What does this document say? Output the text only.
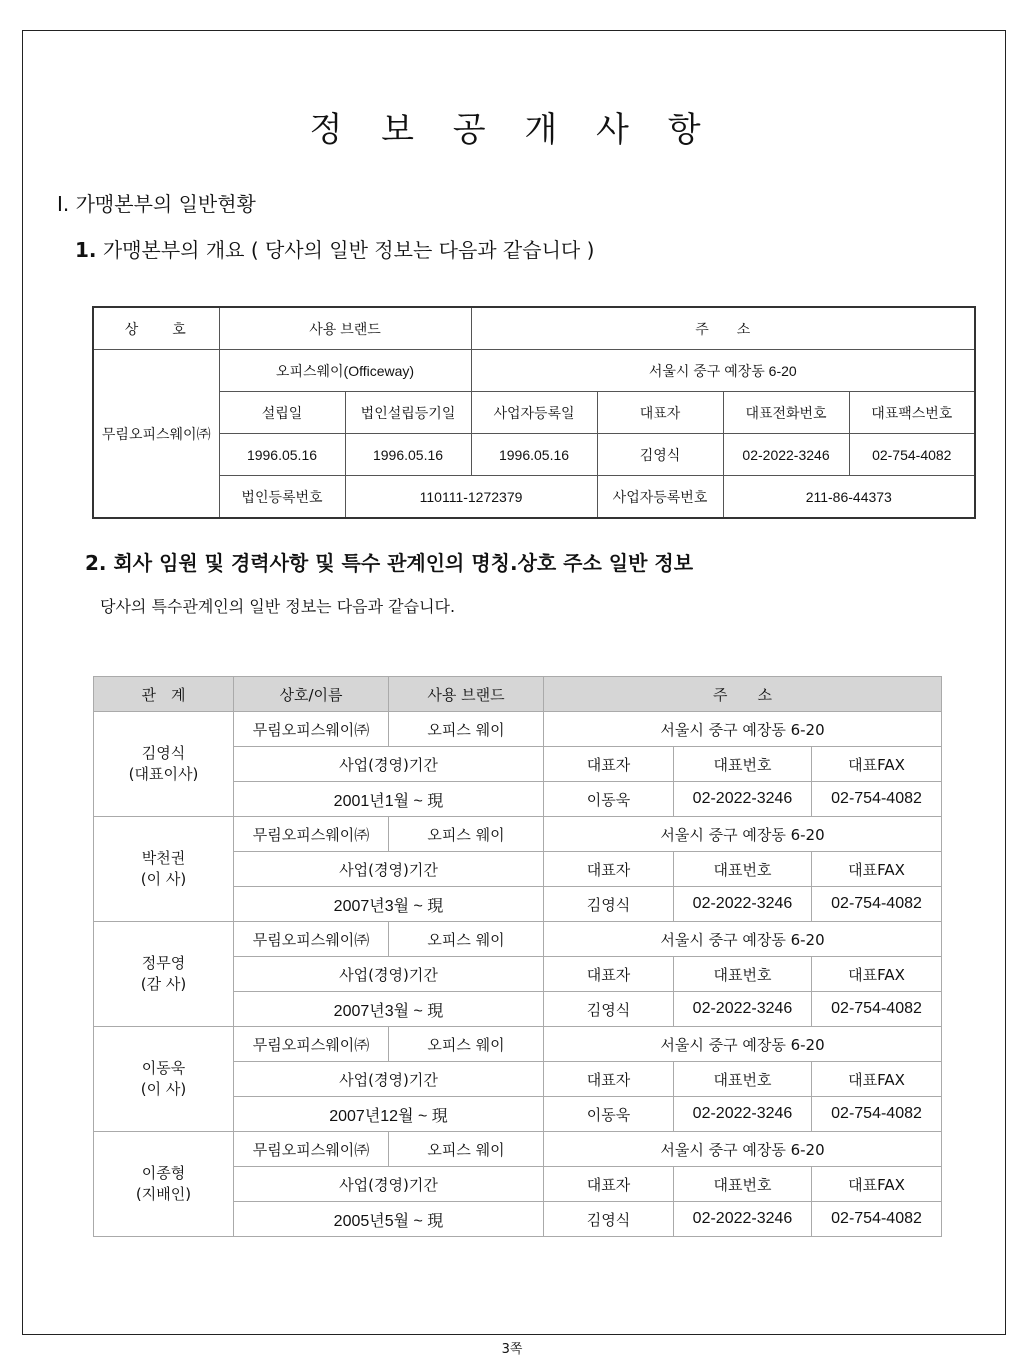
정 보 공 개 사 항
Ⅰ. 가맹본부의 일반현황
1. 가맹본부의 개요 ( 당사의 일반 정보는 다음과 같습니다 )
상　　호	사용 브랜드		주　　소			
무림오피스웨이㈜	오피스웨이(Officeway)		서울시 중구 예장동 6-20			
	설립일	법인설립등기일	사업자등록일	대표자	대표전화번호	대표팩스번호
	1996.05.16	1996.05.16	1996.05.16	김영식	02-2022-3246	02-754-4082
	법인등록번호	110111-1272379		사업자등록번호	211-86-44373	
2. 회사 임원 및 경력사항 및 특수 관계인의 명칭.상호 주소 일반 정보
당사의 특수관계인의 일반 정보는 다음과 같습니다.
관　계	상호/이름	사용 브랜드	주　　소		

김영식
(대표이사)	무림오피스웨이㈜	오피스 웨이	서울시 중구 예장동 6-20		
	사업(경영)기간		대표자	대표번호	대표FAX
	2001년1월 ~ 現		이동욱	02-2022-3246	02-754-4082

박천권
(이 사)	무림오피스웨이㈜	오피스 웨이	서울시 중구 예장동 6-20		
	사업(경영)기간		대표자	대표번호	대표FAX
	2007년3월 ~ 現		김영식	02-2022-3246	02-754-4082

정무영
(감 사)	무림오피스웨이㈜	오피스 웨이	서울시 중구 예장동 6-20		
	사업(경영)기간		대표자	대표번호	대표FAX
	2007년3월 ~ 現		김영식	02-2022-3246	02-754-4082

이동욱
(이 사)	무림오피스웨이㈜	오피스 웨이	서울시 중구 예장동 6-20		
	사업(경영)기간		대표자	대표번호	대표FAX
	2007년12월 ~ 現		이동욱	02-2022-3246	02-754-4082

이종형
(지배인)	무림오피스웨이㈜	오피스 웨이	서울시 중구 예장동 6-20		
	사업(경영)기간		대표자	대표번호	대표FAX
	2005년5월 ~ 現		김영식	02-2022-3246	02-754-4082
3쪽
